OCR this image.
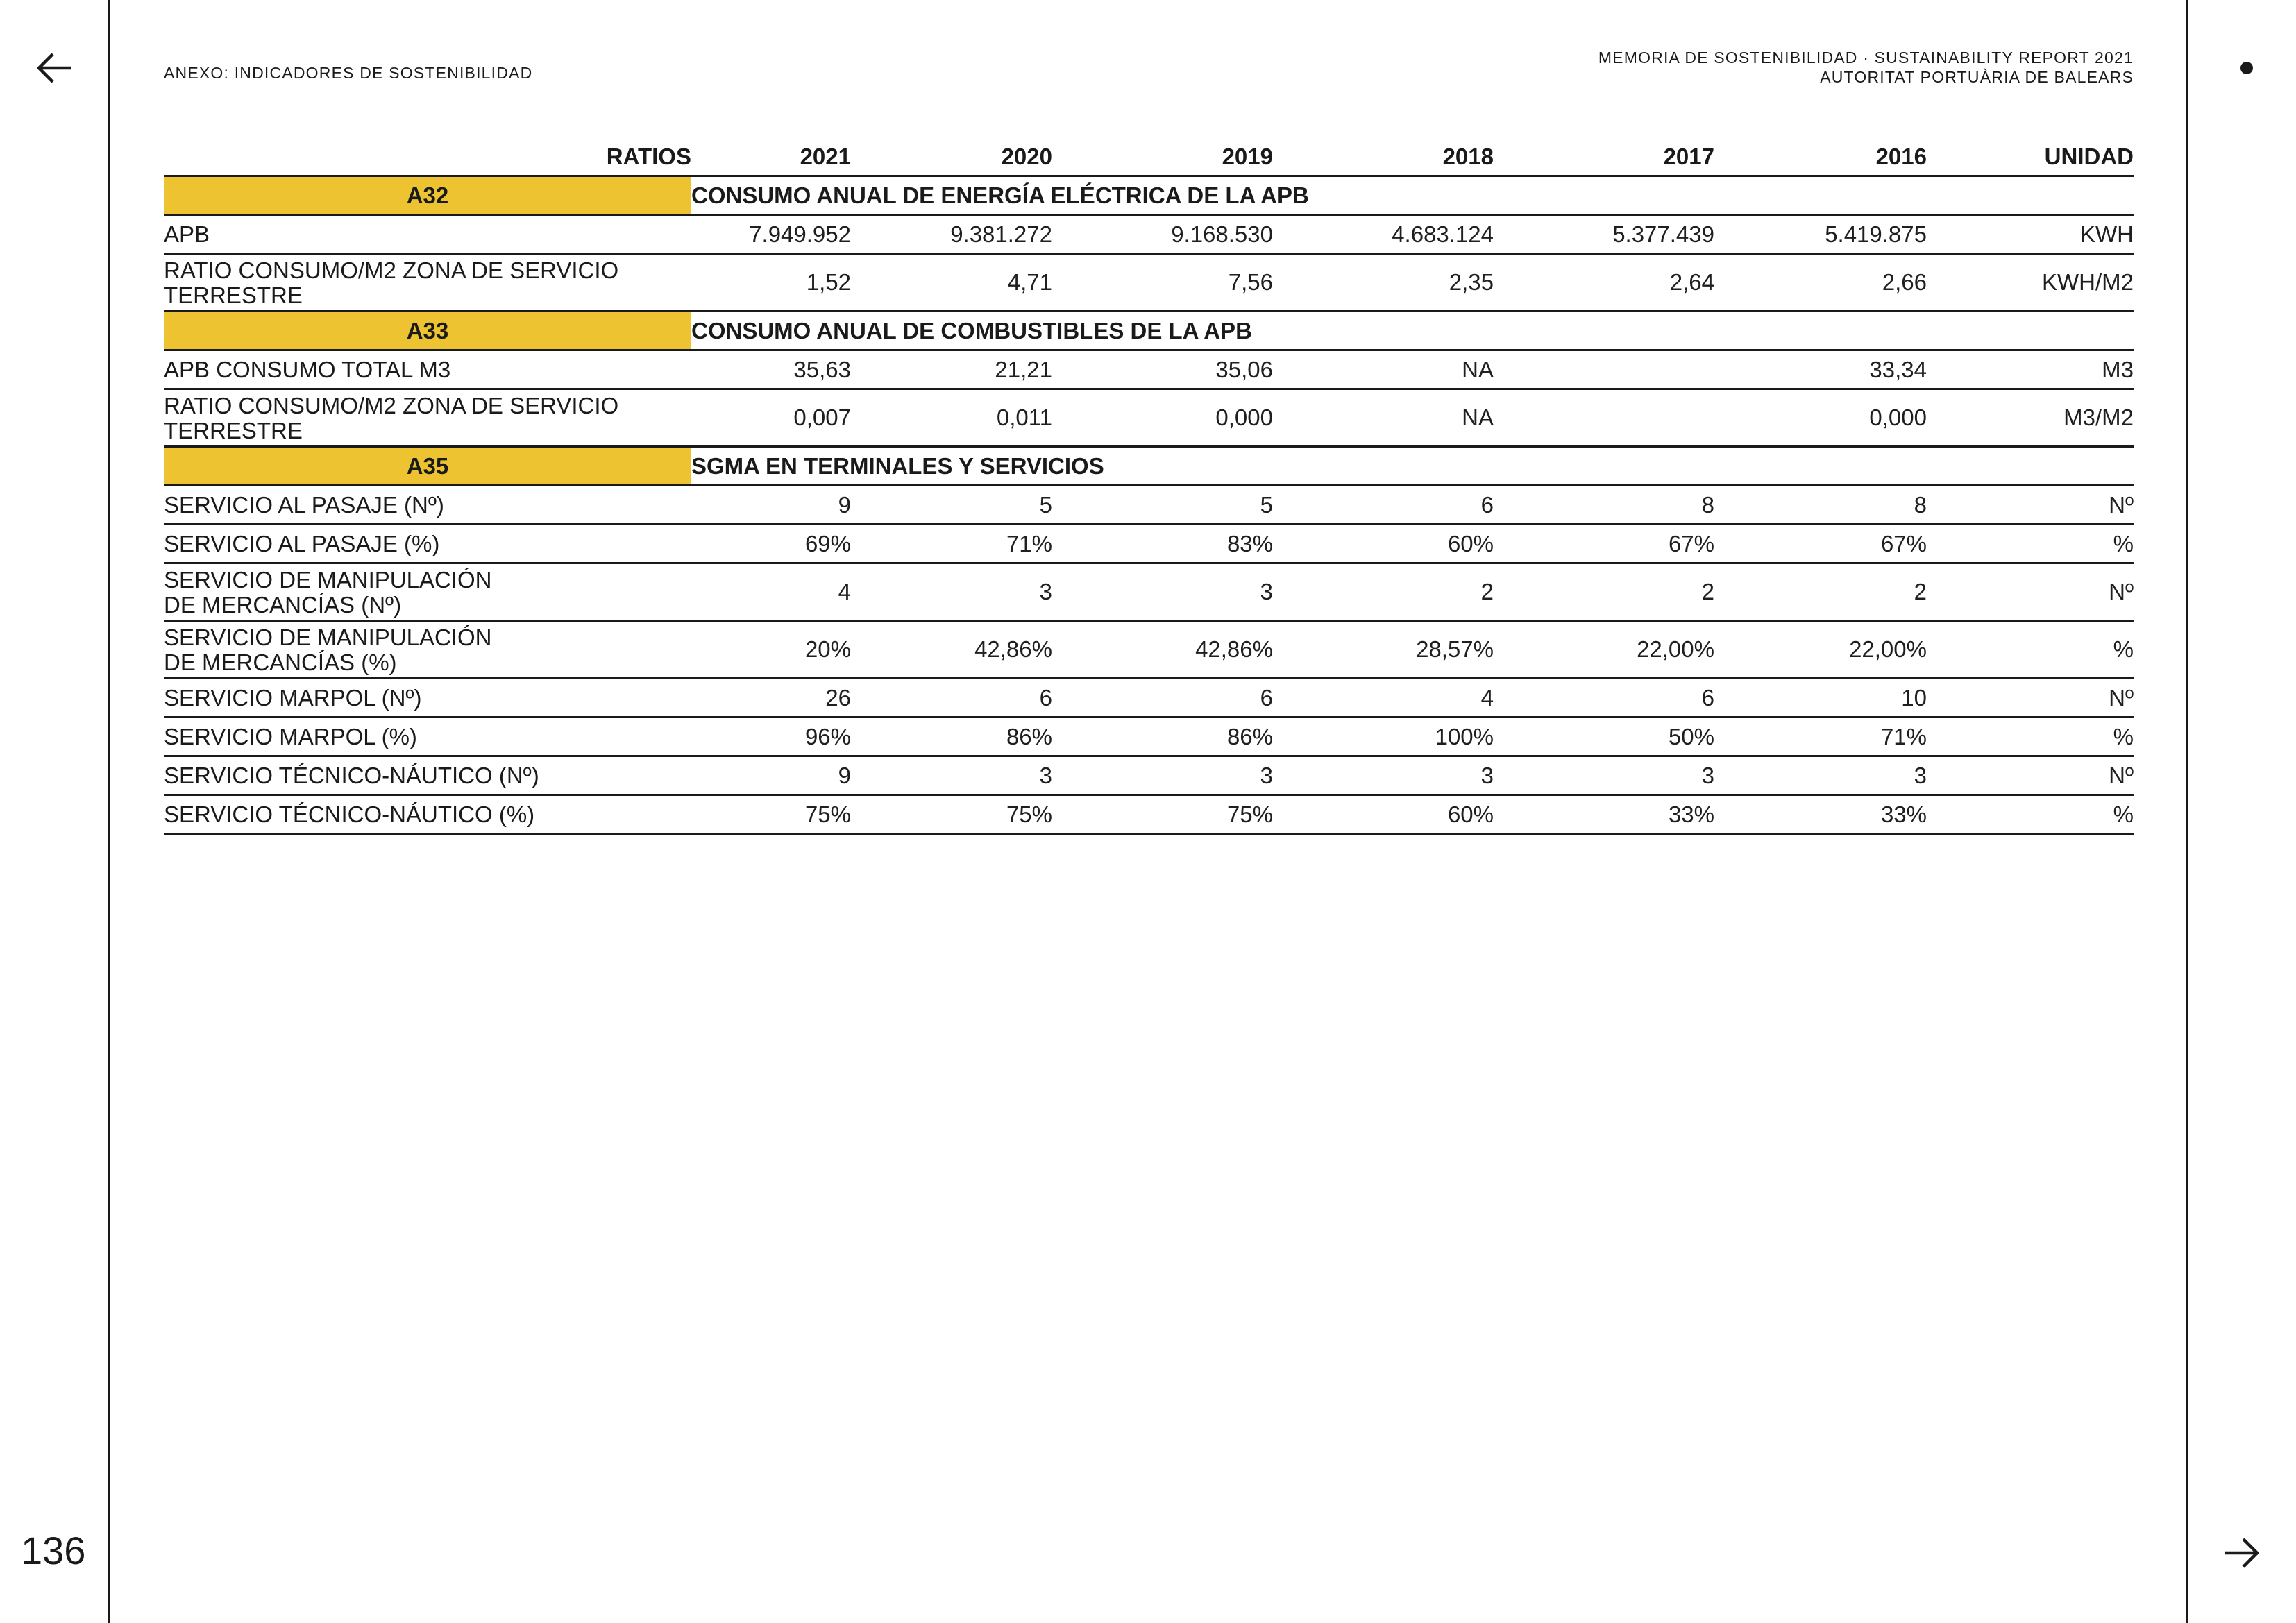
136
ANEXO: INDICADORES DE SOSTENIBILIDAD
MEMORIA DE SOSTENIBILIDAD · SUSTAINABILITY REPORT 2021
AUTORITAT PORTUÀRIA DE BALEARS
RATIOS	2021	2020	2019	2018	2017	2016	UNIDAD
A32	CONSUMO ANUAL DE ENERGÍA ELÉCTRICA DE LA APB						

APB	7.949.952	9.381.272	9.168.530	4.683.124	5.377.439	5.419.875	KWH

RATIO CONSUMO/M2 ZONA DE SERVICIO
TERRESTRE	1,52	4,71	7,56	2,35	2,64	2,66	KWH/M2
A33	CONSUMO ANUAL DE COMBUSTIBLES DE LA APB						

APB CONSUMO TOTAL M3	35,63	21,21	35,06	NA		33,34	M3

RATIO CONSUMO/M2 ZONA DE SERVICIO
TERRESTRE	0,007	0,011	0,000	NA		0,000	M3/M2
A35	SGMA EN TERMINALES Y SERVICIOS						

SERVICIO AL PASAJE (Nº)	9	5	5	6	8	8	Nº

SERVICIO AL PASAJE (%)	69%	71%	83%	60%	67%	67%	%

SERVICIO DE MANIPULACIÓN
DE MERCANCÍAS (Nº)	4	3	3	2	2	2	Nº

SERVICIO DE MANIPULACIÓN
DE MERCANCÍAS (%)	20%	42,86%	42,86%	28,57%	22,00%	22,00%	%

SERVICIO MARPOL (Nº)	26	6	6	4	6	10	Nº

SERVICIO MARPOL (%)	96%	86%	86%	100%	50%	71%	%

SERVICIO TÉCNICO-NÁUTICO (Nº)	9	3	3	3	3	3	Nº

SERVICIO TÉCNICO-NÁUTICO (%)	75%	75%	75%	60%	33%	33%	%
